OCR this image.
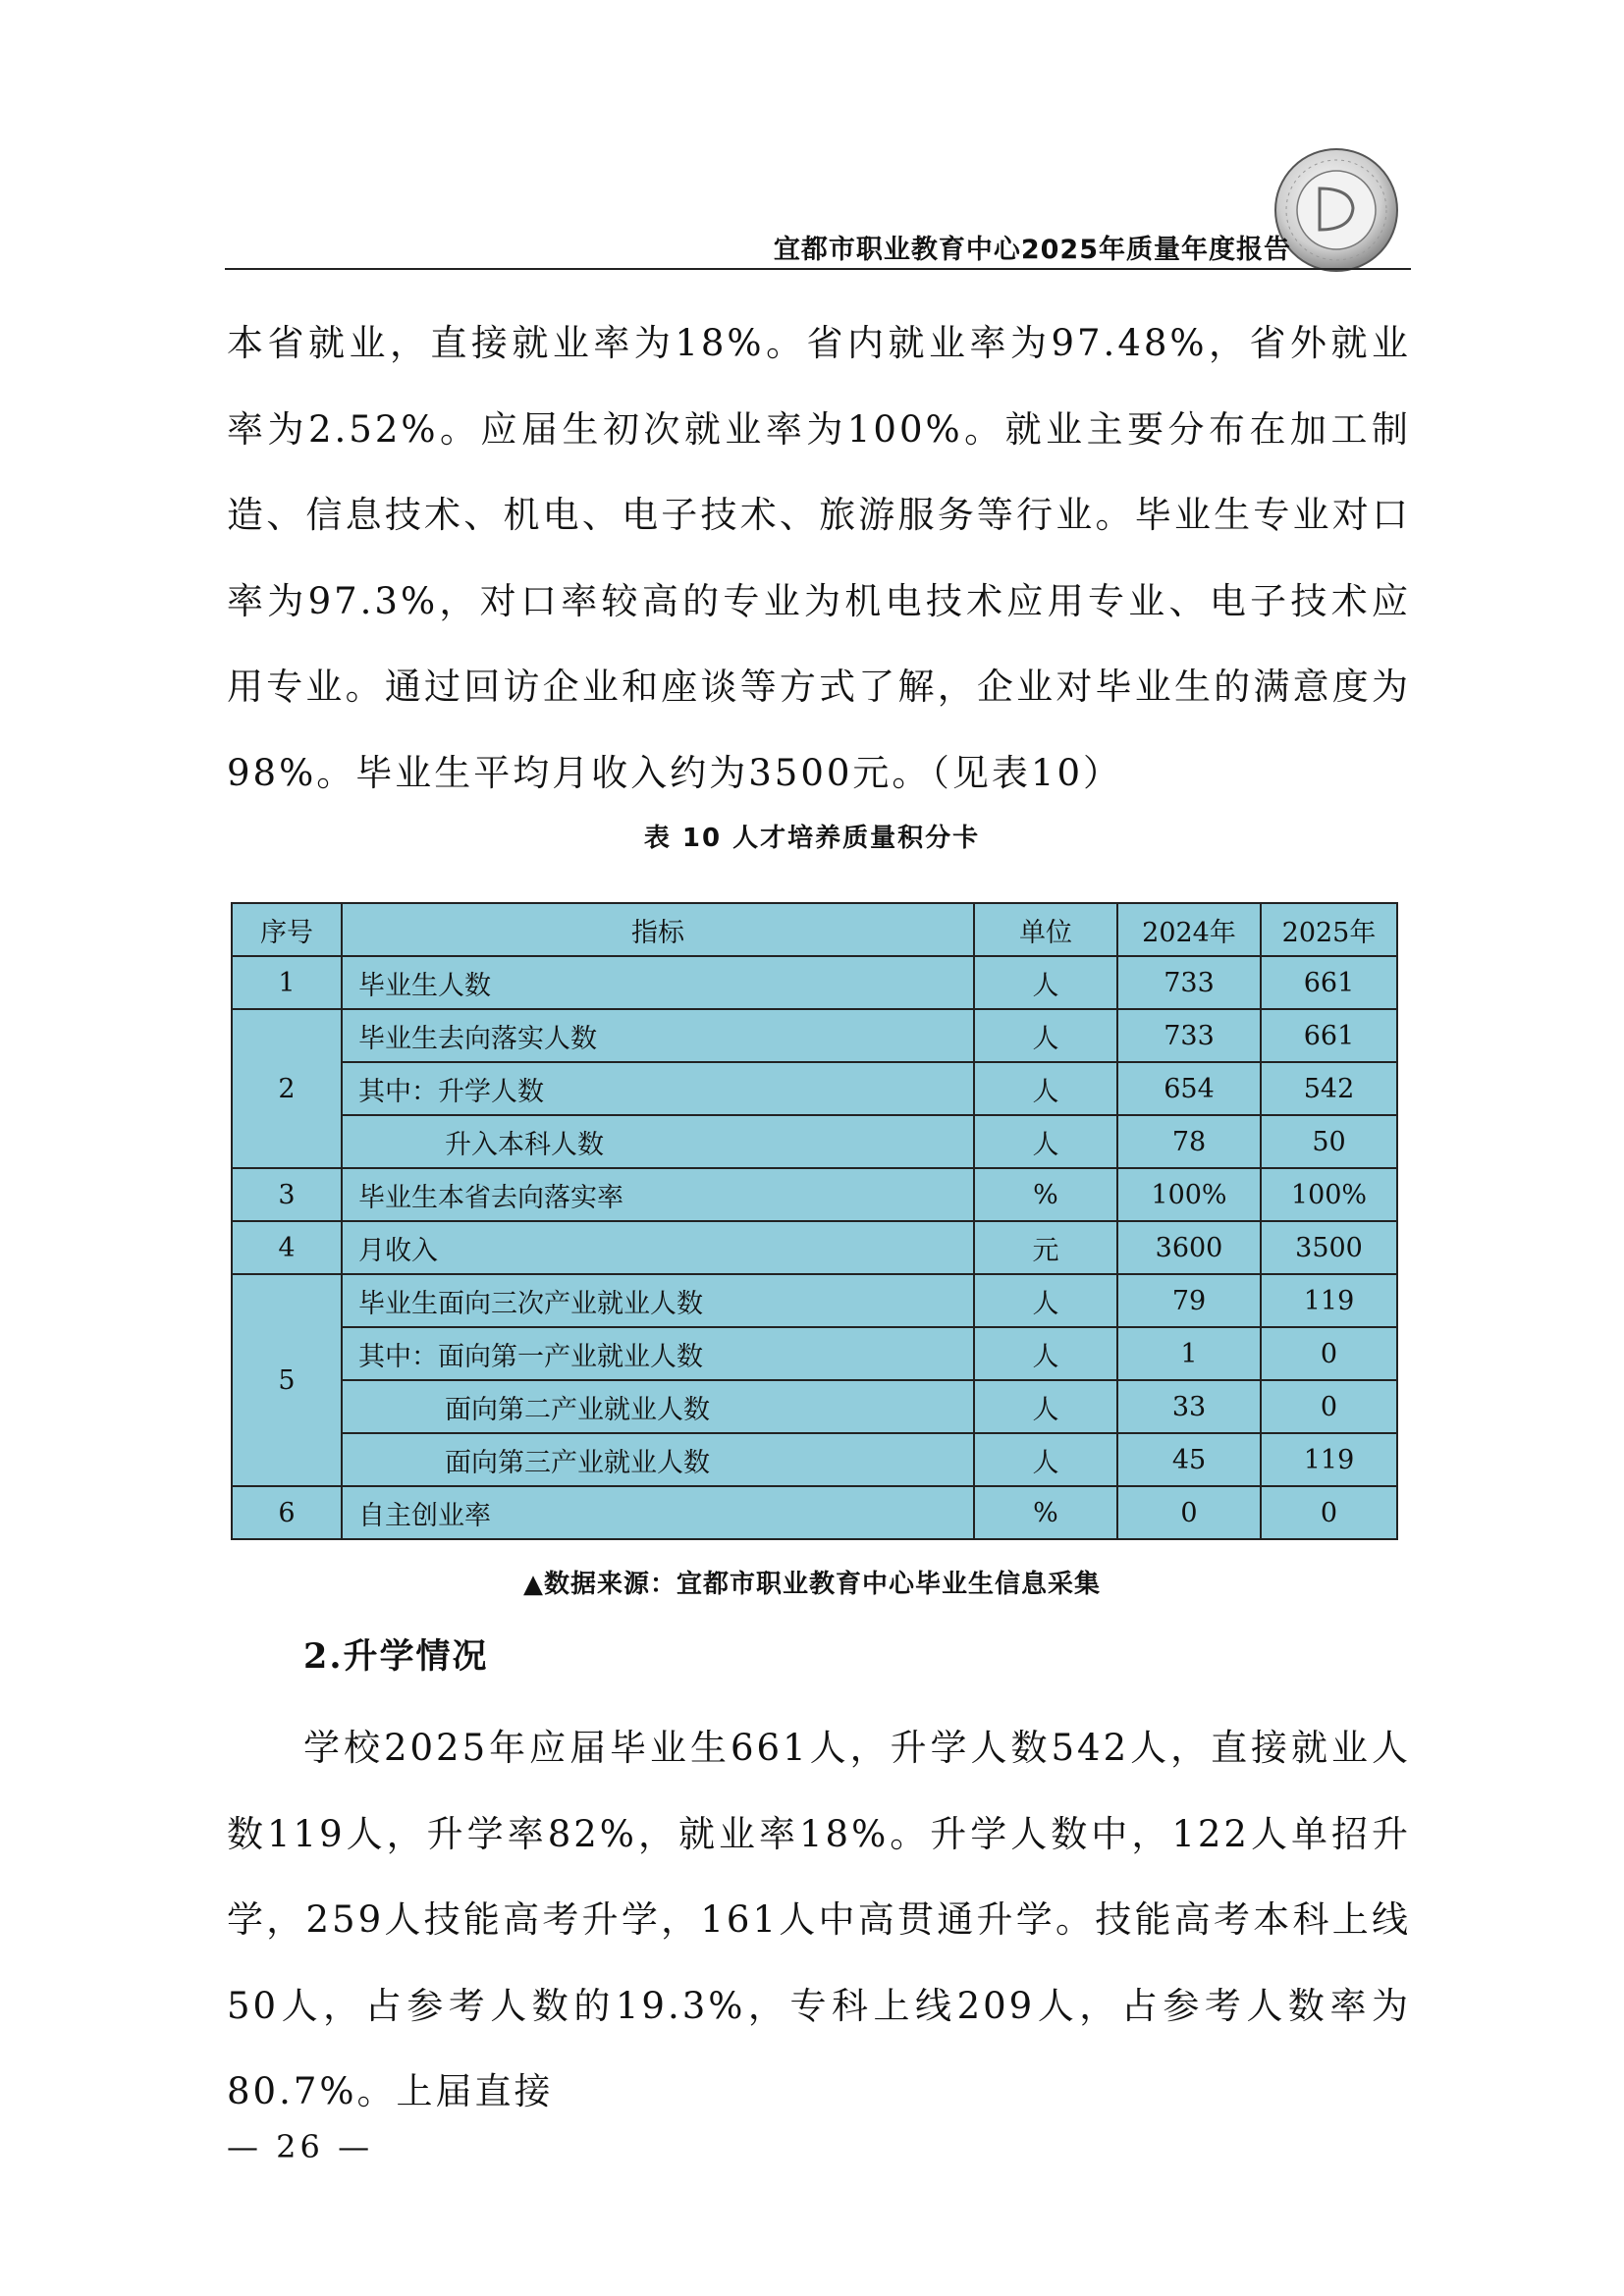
宜都市职业教育中心2025年质量年度报告

本省就业，直接就业率为18%。省内就业率为97.48%，省外就业率为2.52%。应届生初次就业率为100%。就业主要分布在加工制造、信息技术、机电、电子技术、旅游服务等行业。毕业生专业对口率为97.3%，对口率较高的专业为机电技术应用专业、电子技术应用专业。通过回访企业和座谈等方式了解，企业对毕业生的满意度为98%。毕业生平均月收入约为3500元。（见表10）

表 10 人才培养质量积分卡
序号	指标	单位	2024年	2025年
1	毕业生人数	人	733	661
2	毕业生去向落实人数	人	733	661
	其中：升学人数	人	654	542
	升入本科人数	人	78	50
3	毕业生本省去向落实率	%	100%	100%
4	月收入	元	3600	3500
5	毕业生面向三次产业就业人数	人	79	119
	其中：面向第一产业就业人数	人	1	0
	面向第二产业就业人数	人	33	0
	面向第三产业就业人数	人	45	119
6	自主创业率	%	0	0
▲数据来源：宜都市职业教育中心毕业生信息采集
2.升学情况

学校2025年应届毕业生661人，升学人数542人，直接就业人数119人，升学率82%，就业率18%。升学人数中，122人单招升学，259人技能高考升学，161人中高贯通升学。技能高考本科上线50人，占参考人数的19.3%，专科上线209人，占参考人数率为80.7%。上届直接

— 26 —
